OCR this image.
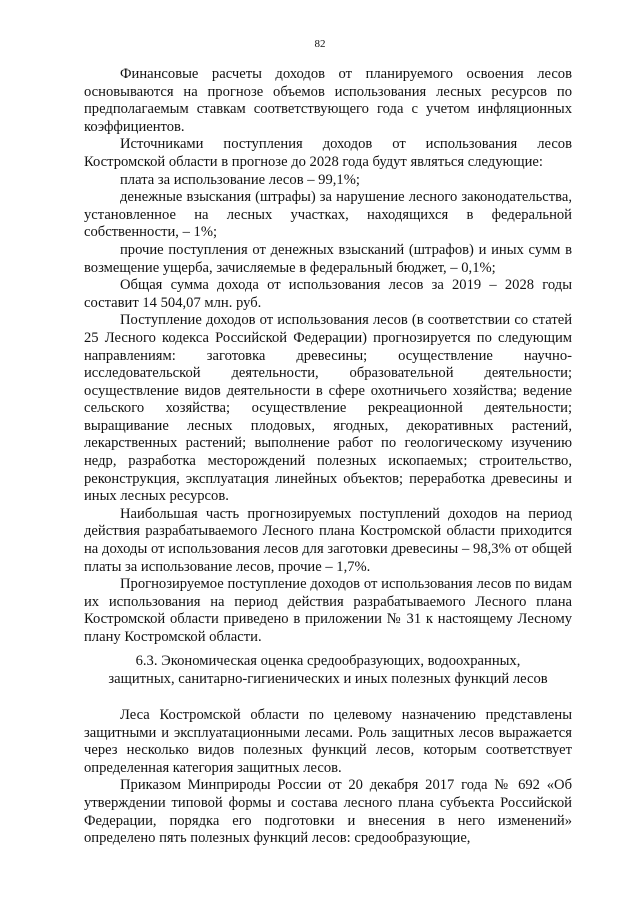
82

Финансовые расчеты доходов от планируемого освоения лесов основываются на прогнозе объемов использования лесных ресурсов по предполагаемым ставкам соответствующего года с учетом инфляционных коэффициентов.

Источниками поступления доходов от использования лесов Костромской области в прогнозе до 2028 года будут являться следующие:

плата за использование лесов – 99,1%;

денежные взыскания (штрафы) за нарушение лесного законодательства, установленное на лесных участках, находящихся в федеральной собственности, – 1%;

прочие поступления от денежных взысканий (штрафов) и иных сумм в возмещение ущерба, зачисляемые в федеральный бюджет, – 0,1%;

Общая сумма дохода от использования лесов за 2019 – 2028 годы составит 14 504,07 млн. руб.

Поступление доходов от использования лесов (в соответствии со статей 25 Лесного кодекса Российской Федерации) прогнозируется по следующим направлениям: заготовка древесины; осуществление научно-исследовательской деятельности, образовательной деятельности; осуществление видов деятельности в сфере охотничьего хозяйства; ведение сельского хозяйства; осуществление рекреационной деятельности; выращивание лесных плодовых, ягодных, декоративных растений, лекарственных растений; выполнение работ по геологическому изучению недр, разработка месторождений полезных ископаемых; строительство, реконструкция, эксплуатация линейных объектов; переработка древесины и иных лесных ресурсов.

Наибольшая часть прогнозируемых поступлений доходов на период действия разрабатываемого Лесного плана Костромской области приходится на доходы от использования лесов для заготовки древесины – 98,3% от общей платы за использование лесов, прочие – 1,7%.

Прогнозируемое поступление доходов от использования лесов по видам их использования на период действия разрабатываемого Лесного плана Костромской области приведено в приложении № 31 к настоящему Лесному плану Костромской области.

6.3. Экономическая оценка средообразующих, водоохранных,
защитных, санитарно-гигиенических и иных полезных функций лесов

Леса Костромской области по целевому назначению представлены защитными и эксплуатационными лесами. Роль защитных лесов выражается через несколько видов полезных функций лесов, которым соответствует определенная категория защитных лесов.

Приказом Минприроды России от 20 декабря 2017 года № 692 «Об утверждении типовой формы и состава лесного плана субъекта Российской Федерации, порядка его подготовки и внесения в него изменений» определено пять полезных функций лесов: средообразующие,
